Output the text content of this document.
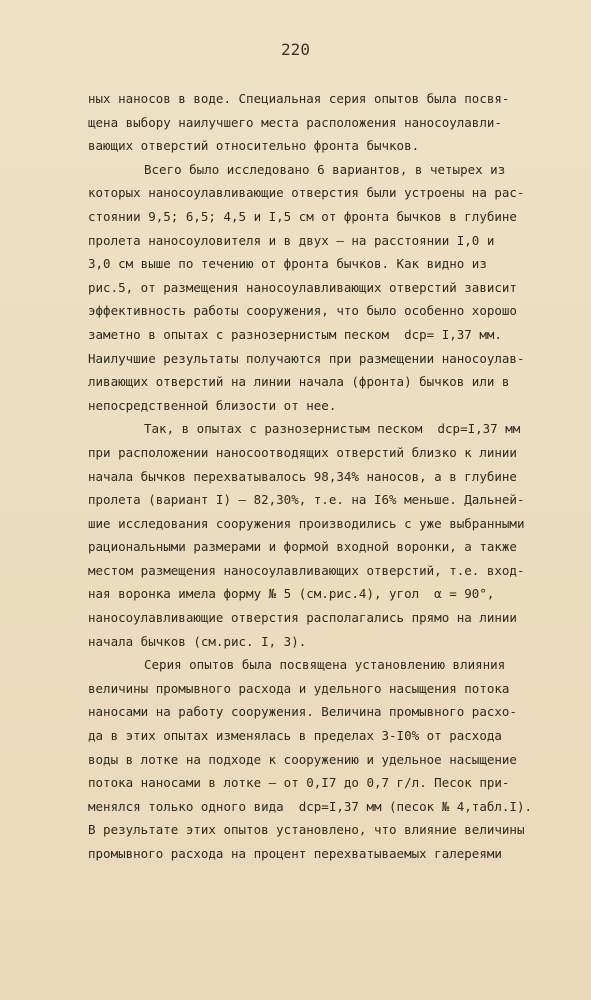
220
ных наносов в воде. Специальная серия опытов была посвя-
щена выбору наилучшего места расположения наносоулавли-
вающих отверстий относительно фронта бычков.
Всего было исследовано 6 вариантов, в четырех из
которых наносоулавливающие отверстия были устроены на рас-
стоянии 9,5; 6,5; 4,5 и I,5 см от фронта бычков в глубине
пролета наносоуловителя и в двух – на расстоянии I,0 и
3,0 см выше по течению от фронта бычков. Как видно из
рис.5, от размещения наносоулавливающих отверстий зависит
эффективность работы сооружения, что было особенно хорошо
заметно в опытах с разнозернистым песком  dср= I,37 мм.
Наилучшие результаты получаются при размещении наносоулав-
ливающих отверстий на линии начала (фронта) бычков или в
непосредственной близости от нее.
Так, в опытах с разнозернистым песком  dср=I,37 мм
при расположении наносоотводящих отверстий близко к линии
начала бычков перехватывалось 98,34% наносов, а в глубине
пролета (вариант I) – 82,30%, т.е. на I6% меньше. Дальней-
шие исследования сооружения производились с уже выбранными
рациональными размерами и формой входной воронки, а также
местом размещения наносоулавливающих отверстий, т.е. вход-
ная воронка имела форму № 5 (см.рис.4), угол  α = 90°,
наносоулавливающие отверстия располагались прямо на линии
начала бычков (см.рис. I, 3).
Серия опытов была посвящена установлению влияния
величины промывного расхода и удельного насыщения потока
наносами на работу сооружения. Величина промывного расхо-
да в этих опытах изменялась в пределах 3-I0% от расхода
воды в лотке на подходе к сооружению и удельное насыщение
потока наносами в лотке – от 0,I7 до 0,7 г/л. Песок при-
менялся только одного вида  dср=I,37 мм (песок № 4,табл.I).
В результате этих опытов установлено, что влияние величины
промывного расхода на процент перехватываемых галереями
